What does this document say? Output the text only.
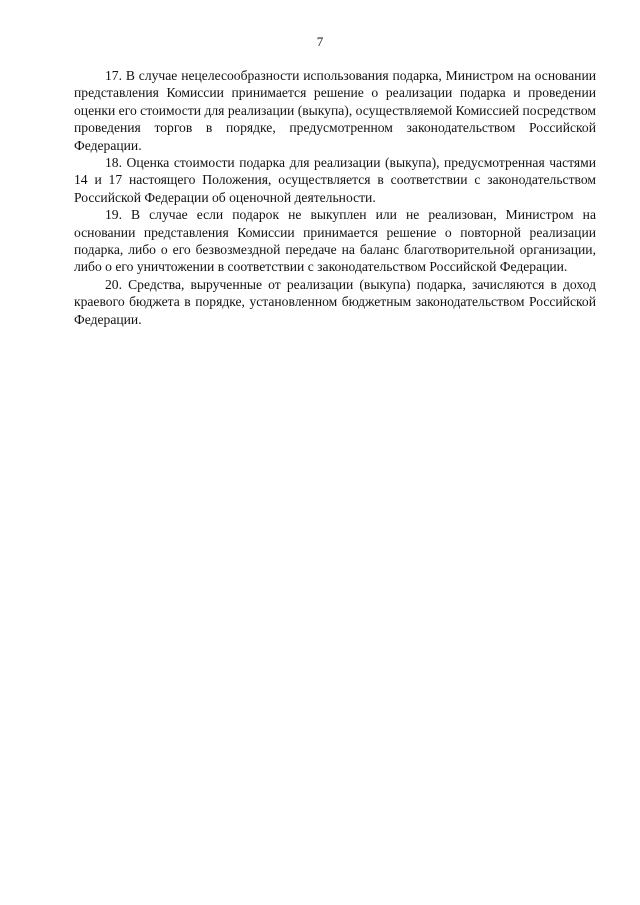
7

17. В случае нецелесообразности использования подарка, Министром на основании представления Комиссии принимается решение о реализации подарка и проведении оценки его стоимости для реализации (выкупа), осуществляемой Комиссией посредством проведения торгов в порядке, предусмотренном законодательством Российской Федерации.

18. Оценка стоимости подарка для реализации (выкупа), предусмотренная частями 14 и 17 настоящего Положения, осуществляется в соответствии с законодательством Российской Федерации об оценочной деятельности.

19. В случае если подарок не выкуплен или не реализован, Министром на основании представления Комиссии принимается решение о повторной реализации подарка, либо о его безвозмездной передаче на баланс благотворительной организации, либо о его уничтожении в соответствии с законодательством Российской Федерации.

20. Средства, вырученные от реализации (выкупа) подарка, зачисляются в доход краевого бюджета в порядке, установленном бюджетным законодательством Российской Федерации.
